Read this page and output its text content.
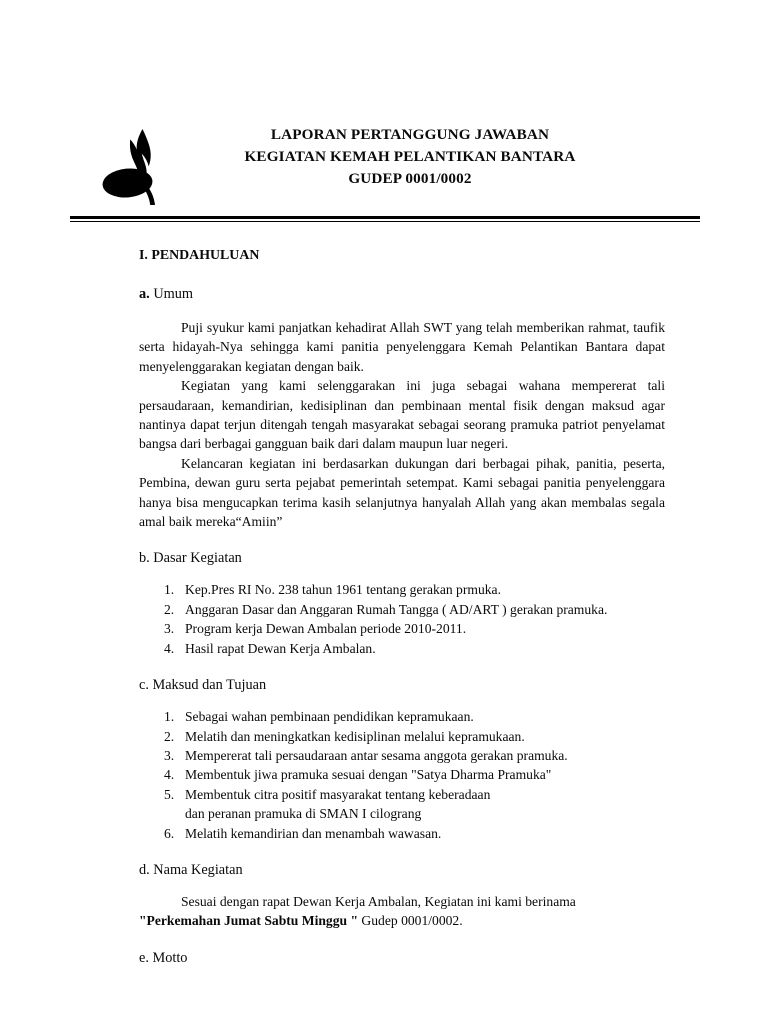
LAPORAN PERTANGGUNG JAWABAN
KEGIATAN KEMAH PELANTIKAN BANTARA
GUDEP 0001/0002
I. PENDAHULUAN
a. Umum

Puji syukur kami panjatkan kehadirat Allah SWT yang telah memberikan rahmat, taufik serta hidayah-Nya sehingga kami panitia penyelenggara Kemah Pelantikan Bantara dapat menyelenggarakan kegiatan dengan baik.

Kegiatan yang kami selenggarakan ini juga sebagai wahana mempererat tali persaudaraan, kemandirian, kedisiplinan dan pembinaan mental fisik dengan maksud agar nantinya dapat terjun ditengah tengah masyarakat sebagai seorang pramuka patriot penyelamat bangsa dari berbagai gangguan baik dari dalam maupun luar negeri.

Kelancaran kegiatan ini berdasarkan dukungan dari berbagai pihak, panitia, peserta, Pembina, dewan guru serta pejabat pemerintah setempat. Kami sebagai panitia penyelenggara hanya bisa mengucapkan terima kasih selanjutnya hanyalah Allah yang akan membalas segala amal baik mereka“Amiin”

b. Dasar Kegiatan
1. Kep.Pres RI No. 238 tahun 1961 tentang gerakan prmuka.
2. Anggaran Dasar dan Anggaran Rumah Tangga ( AD/ART ) gerakan pramuka.
3. Program kerja Dewan Ambalan periode 2010-2011.
4. Hasil rapat Dewan Kerja Ambalan.
c. Maksud dan Tujuan
1. Sebagai wahan pembinaan pendidikan kepramukaan.
2. Melatih dan meningkatkan kedisiplinan melalui kepramukaan.
3. Mempererat tali persaudaraan antar sesama anggota gerakan pramuka.
4. Membentuk jiwa pramuka sesuai dengan "Satya Dharma Pramuka"
5. Membentuk citra positif masyarakat tentang keberadaan
dan peranan pramuka di SMAN I cilograng
6. Melatih kemandirian dan menambah wawasan.
d. Nama Kegiatan

Sesuai dengan rapat Dewan Kerja Ambalan, Kegiatan ini kami berinama

"Perkemahan Jumat Sabtu Minggu " Gudep 0001/0002.

e. Motto
